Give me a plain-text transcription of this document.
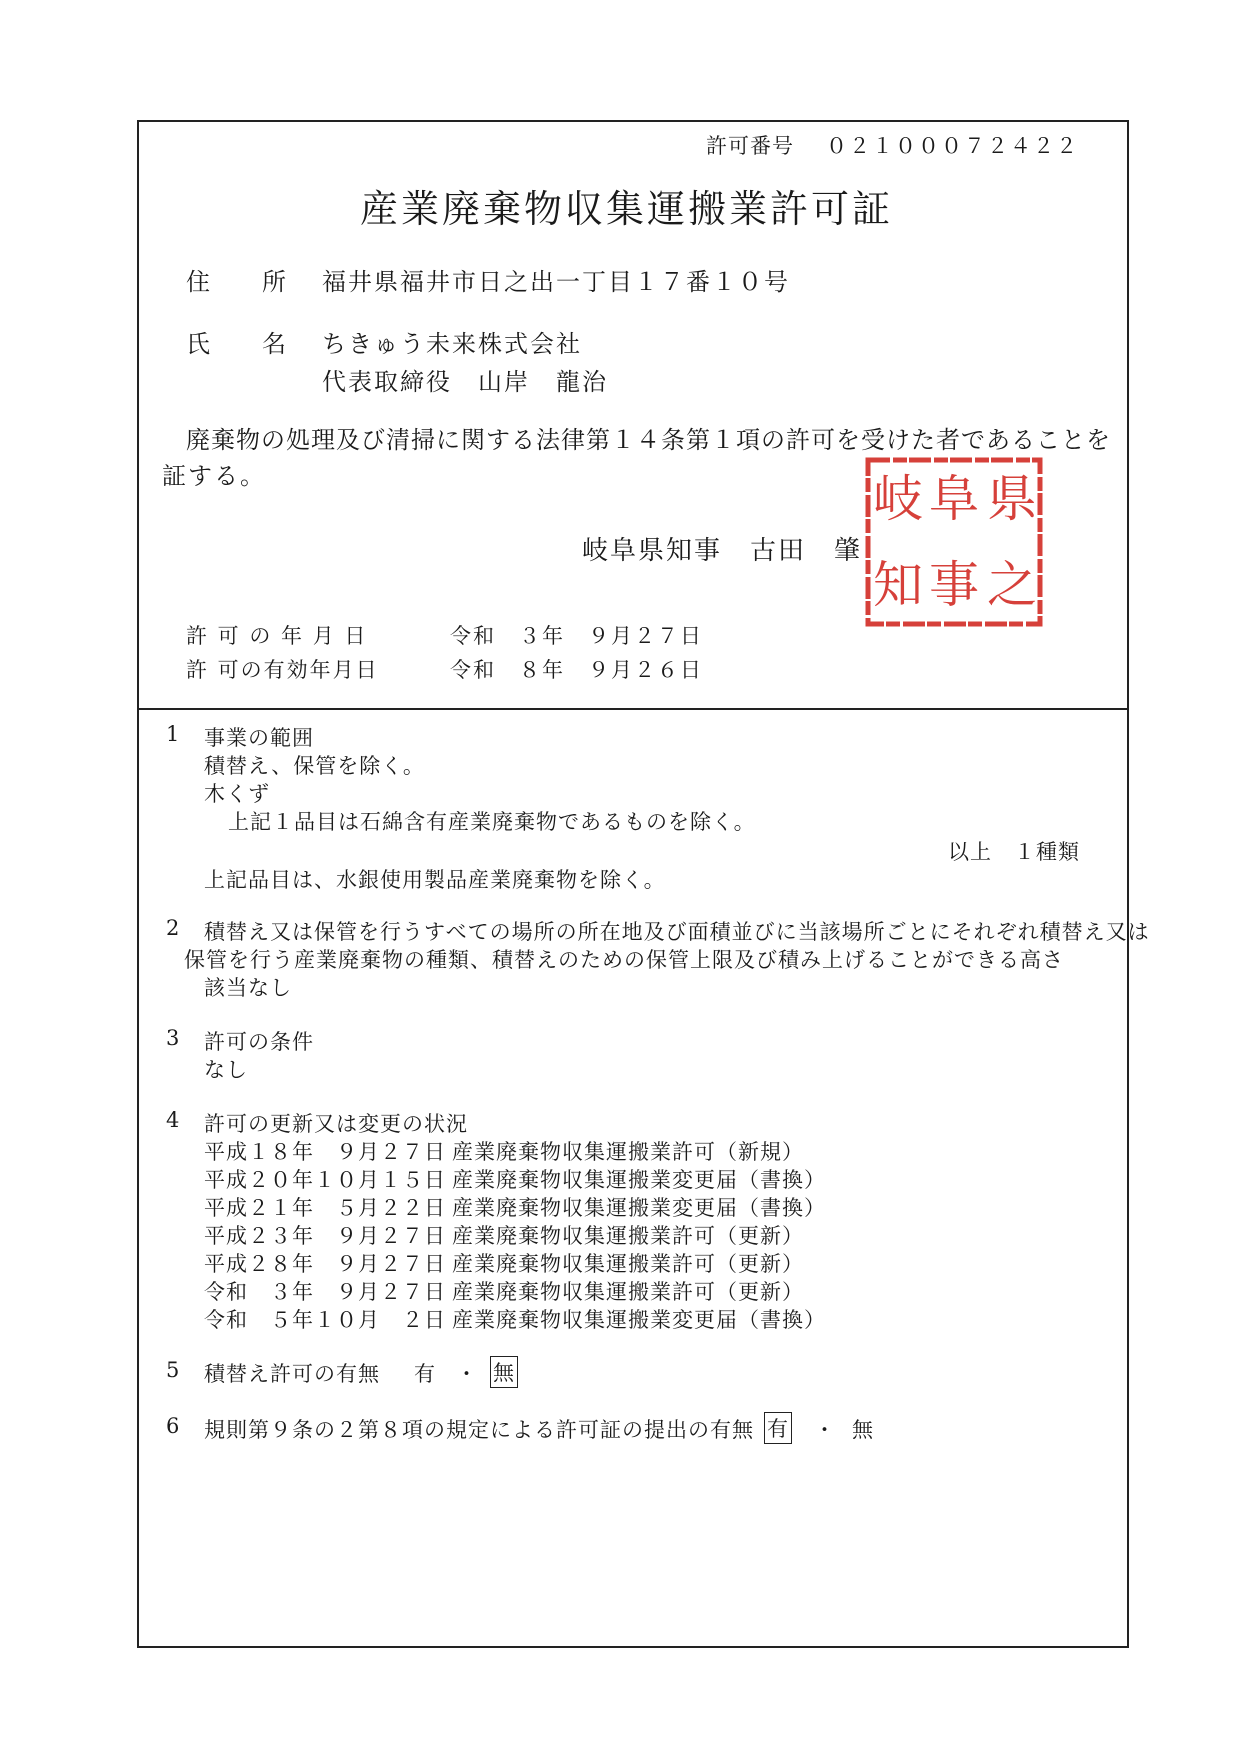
許可番号 ０２１０００７２４２２
産業廃棄物収集運搬業許可証
住 所 福井県福井市日之出一丁目１７番１０号
氏 名 ちきゅう未来株式会社
代表取締役　山岸　龍治
廃棄物の処理及び清掃に関する法律第１４条第１項の許可を受けた者であることを
証する。
岐阜県知事　古田　肇
県
阜
岐
之
事
知
許 可 の 年 月 日	令和　３年　９月２７日
許 可の有効年月日	令和　８年　９月２６日
1 事業の範囲
積替え、保管を除く。
木くず
上記１品目は石綿含有産業廃棄物であるものを除く。
以上　１種類
上記品目は、水銀使用製品産業廃棄物を除く。
2 積替え又は保管を行うすべての場所の所在地及び面積並びに当該場所ごとにそれぞれ積替え又は
保管を行う産業廃棄物の種類、積替えのための保管上限及び積み上げることができる高さ
該当なし
3 許可の条件
なし
4 許可の更新又は変更の状況
平成１８年　９月２７日 産業廃棄物収集運搬業許可（新規）
平成２０年１０月１５日 産業廃棄物収集運搬業変更届（書換）
平成２１年　５月２２日 産業廃棄物収集運搬業変更届（書換）
平成２３年　９月２７日 産業廃棄物収集運搬業許可（更新）
平成２８年　９月２７日 産業廃棄物収集運搬業許可（更新）
令和　３年　９月２７日 産業廃棄物収集運搬業許可（更新）
令和　５年１０月　２日 産業廃棄物収集運搬業変更届（書換）
5 積替え許可の有無 有 ・ 無
6 規則第９条の２第８項の規定による許可証の提出の有無 有 ・ 無
